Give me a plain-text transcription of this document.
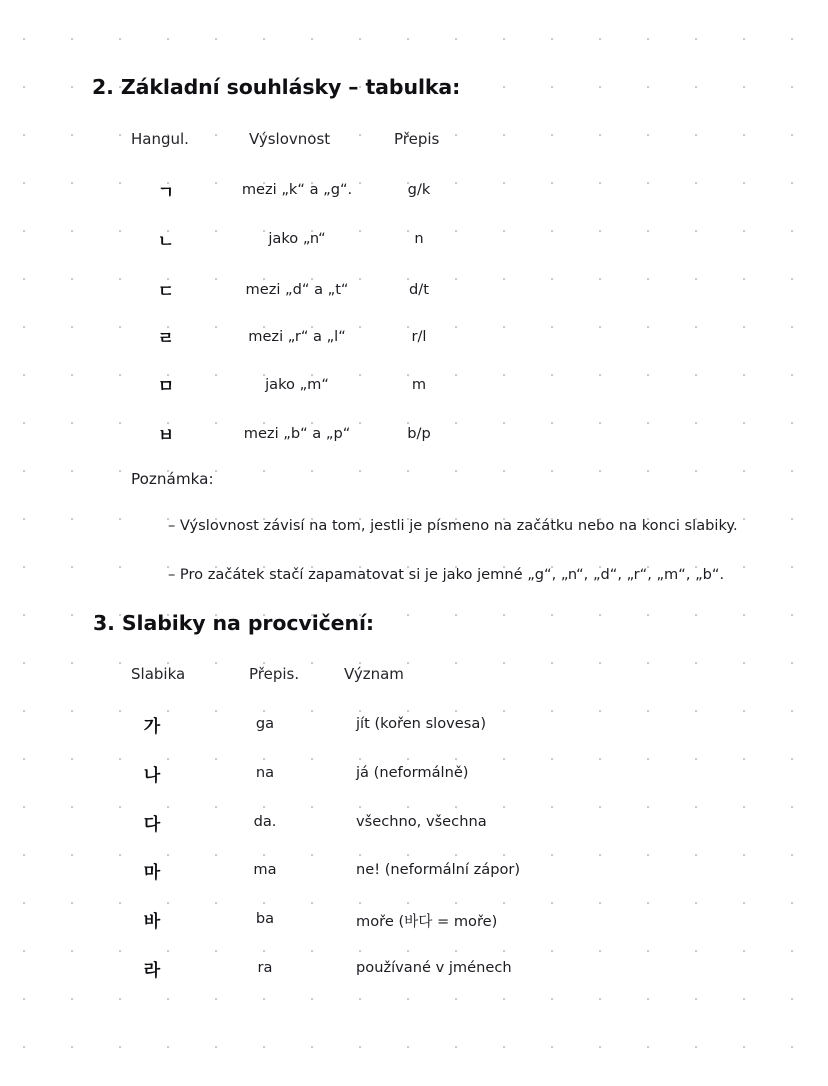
2. Základní souhlásky – tabulka:
Hangul.	Výslovnost	Přepis
ㄱ	mezi „k“ a „g“.	g/k
ㄴ	jako „n“	n
ㄷ	mezi „d“ a „t“	d/t
ㄹ	mezi „r“ a „l“	r/l
ㅁ	jako „m“	m
ㅂ	mezi „b“ a „p“	b/p
Poznámka:
– Výslovnost závisí na tom, jestli je písmeno na začátku nebo na konci slabiky.
– Pro začátek stačí zapamatovat si je jako jemné „g“, „n“, „d“, „r“, „m“, „b“.
3. Slabiky na procvičení:
Slabika	Přepis.	Význam
가	ga	jít (kořen slovesa)
나	na	já (neformálně)
다	da.	všechno, všechna
마	ma	ne! (neformální zápor)
바	ba	moře (바다 = moře)
라	ra	používané v jménech
